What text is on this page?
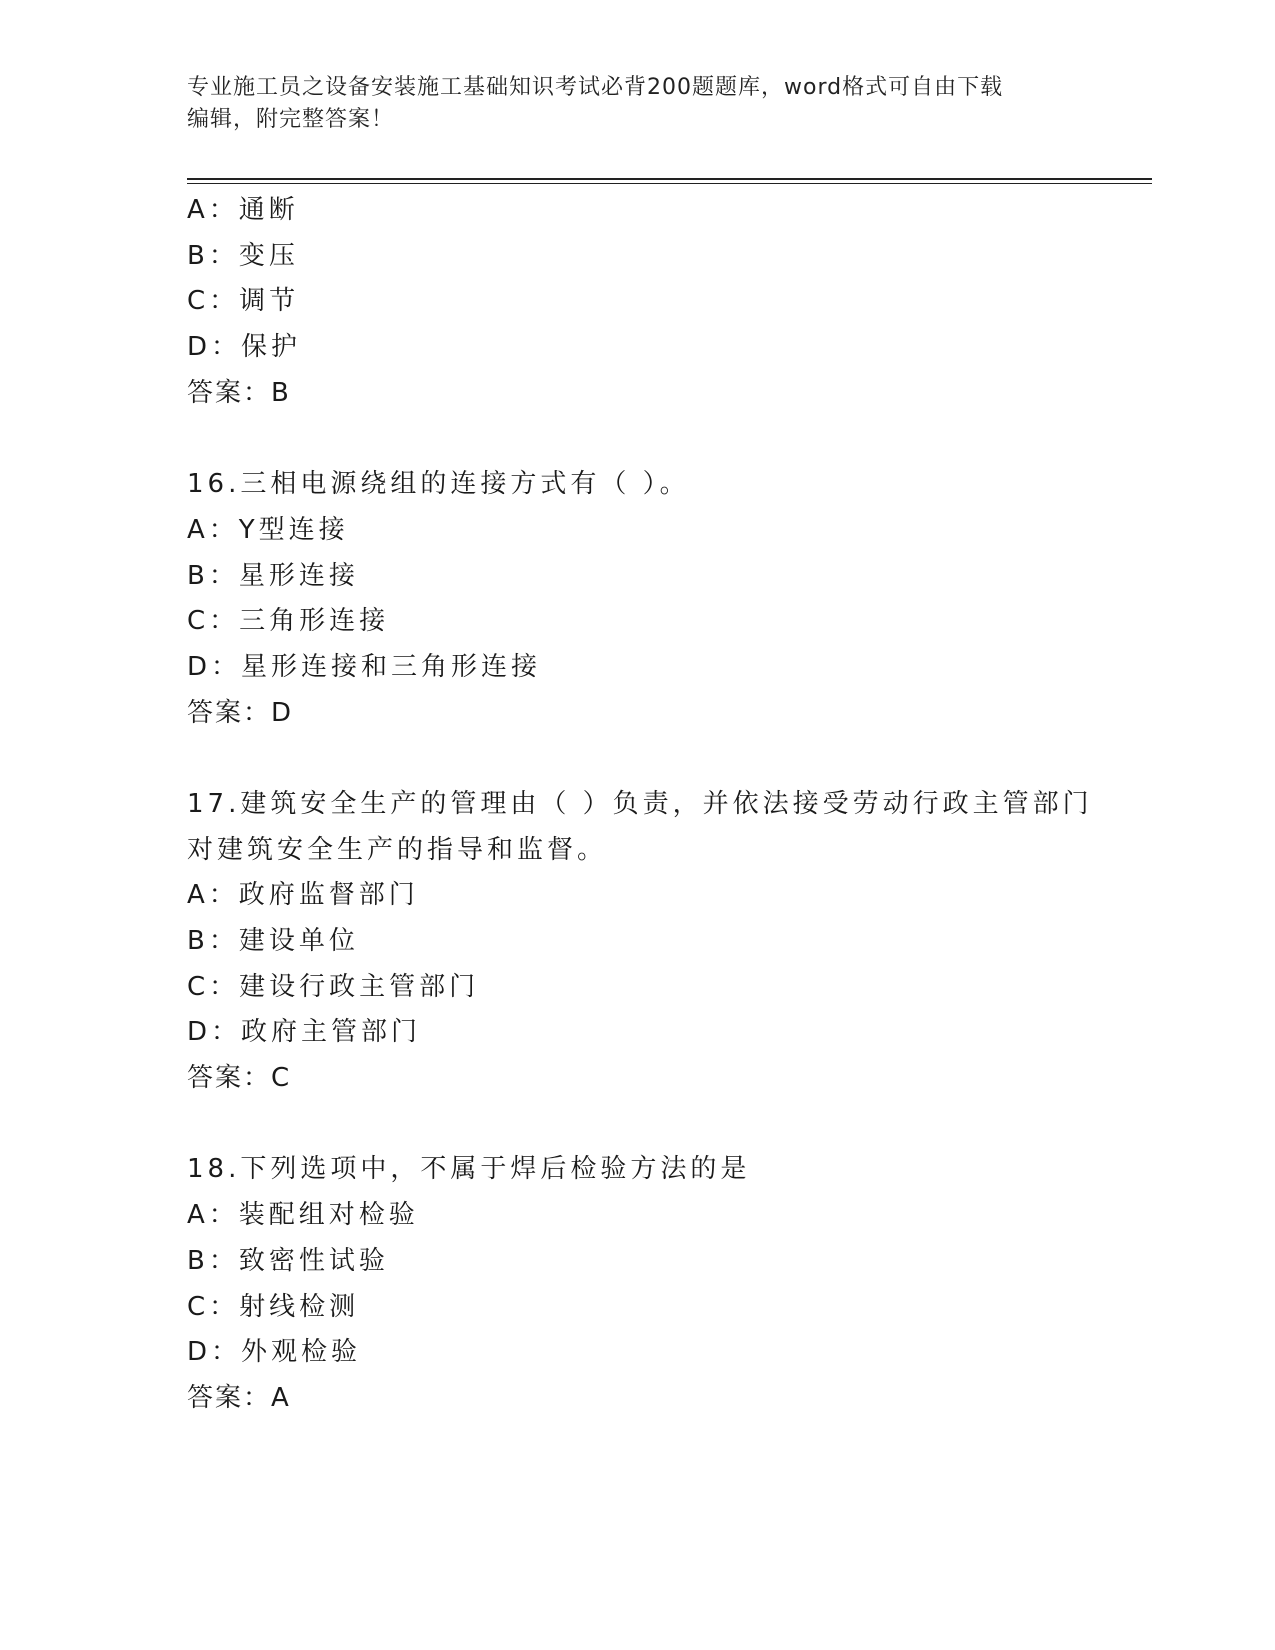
专业施工员之设备安装施工基础知识考试必背200题题库，word格式可自由下载
编辑，附完整答案！
A：通断
B：变压
C：调节
D：保护
答案：B
16.三相电源绕组的连接方式有（ ）。
A：Y型连接
B：星形连接
C：三角形连接
D：星形连接和三角形连接
答案：D
17.建筑安全生产的管理由（ ）负责，并依法接受劳动行政主管部门
对建筑安全生产的指导和监督。
A：政府监督部门
B：建设单位
C：建设行政主管部门
D：政府主管部门
答案：C
18.下列选项中，不属于焊后检验方法的是
A：装配组对检验
B：致密性试验
C：射线检测
D：外观检验
答案：A
